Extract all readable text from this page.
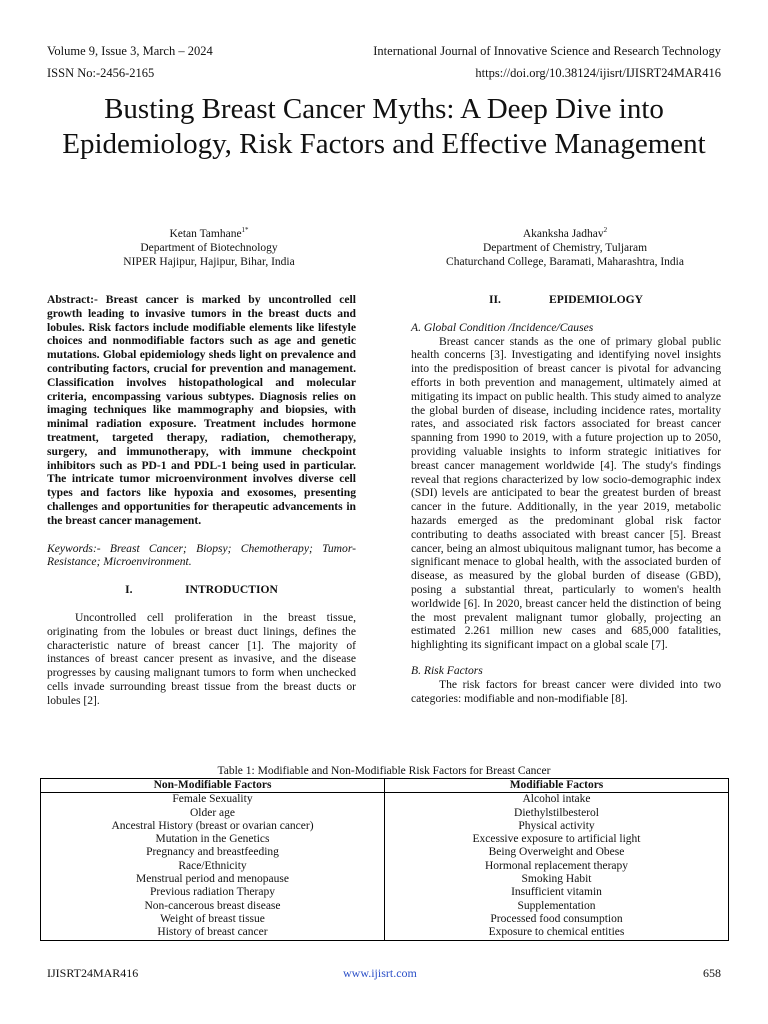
Volume 9, Issue 3, March – 2024	International Journal of Innovative Science and Research Technology
ISSN No:-2456-2165	https://doi.org/10.38124/ijisrt/IJISRT24MAR416
Busting Breast Cancer Myths: A Deep Dive into Epidemiology, Risk Factors and Effective Management
Ketan Tamhane$^{1*}$
Department of Biotechnology
NIPER Hajipur, Hajipur, Bihar, India
Akanksha Jadhav$^2$
Department of Chemistry, Tuljaram
Chaturchand College, Baramati, Maharashtra, India

Abstract:- Breast cancer is marked by uncontrolled cell growth leading to invasive tumors in the breast ducts and lobules. Risk factors include modifiable elements like lifestyle choices and nonmodifiable factors such as age and genetic mutations. Global epidemiology sheds light on prevalence and contributing factors, crucial for prevention and management. Classification involves histopathological and molecular criteria, encompassing various subtypes. Diagnosis relies on imaging techniques like mammography and biopsies, with minimal radiation exposure. Treatment includes hormone treatment, targeted therapy, radiation, chemotherapy, surgery, and immunotherapy, with immune checkpoint inhibitors such as PD-1 and PDL-1 being used in particular. The intricate tumor microenvironment involves diverse cell types and factors like hypoxia and exosomes, presenting challenges and opportunities for therapeutic advancements in the breast cancer management.

Keywords:- Breast Cancer; Biopsy; Chemotherapy; Tumor-Resistance; Microenvironment.

I.	INTRODUCTION

Uncontrolled cell proliferation in the breast tissue, originating from the lobules or breast duct linings, defines the characteristic nature of breast cancer [1]. The majority of instances of breast cancer present as invasive, and the disease progresses by causing malignant tumors to form when unchecked cells invade surrounding breast tissue from the breast ducts or lobules [2].

II.	EPIDEMIOLOGY

A. Global Condition /Incidence/Causes

Breast cancer stands as the one of primary global public health concerns [3]. Investigating and identifying novel insights into the predisposition of breast cancer is pivotal for advancing efforts in both prevention and management, ultimately aimed at mitigating its impact on public health. This study aimed to analyze the global burden of disease, including incidence rates, mortality rates, and associated risk factors associated for breast cancer spanning from 1990 to 2019, with a future projection up to 2050, providing valuable insights to inform strategic initiatives for breast cancer management worldwide [4]. The study's findings reveal that regions characterized by low socio-demographic index (SDI) levels are anticipated to bear the greatest burden of breast cancer in the future. Additionally, in the year 2019, metabolic hazards emerged as the predominant global risk factor contributing to deaths associated with breast cancer [5]. Breast cancer, being an almost ubiquitous malignant tumor, has become a significant menace to global health, with the associated burden of disease, as measured by the global burden of disease (GBD), posing a substantial threat, particularly to women's health worldwide [6]. In 2020, breast cancer held the distinction of being the most prevalent malignant tumor globally, projecting an estimated 2.261 million new cases and 685,000 fatalities, highlighting its significant impact on a global scale [7].

B. Risk Factors

The risk factors for breast cancer were divided into two categories: modifiable and non-modifiable [8].

Table 1: Modifiable and Non-Modifiable Risk Factors for Breast Cancer
Non-Modifiable Factors	Modifiable Factors
Female Sexuality	Alcohol intake
Older age	Diethylstilbesterol
Ancestral History (breast or ovarian cancer)	Physical activity
Mutation in the Genetics	Excessive exposure to artificial light
Pregnancy and breastfeeding	Being Overweight and Obese
Race/Ethnicity	Hormonal replacement therapy
Menstrual period and menopause	Smoking Habit
Previous radiation Therapy	Insufficient vitamin
Non-cancerous breast disease	Supplementation
Weight of breast tissue	Processed food consumption
History of breast cancer	Exposure to chemical entities
IJISRT24MAR416	www.ijisrt.com	658
